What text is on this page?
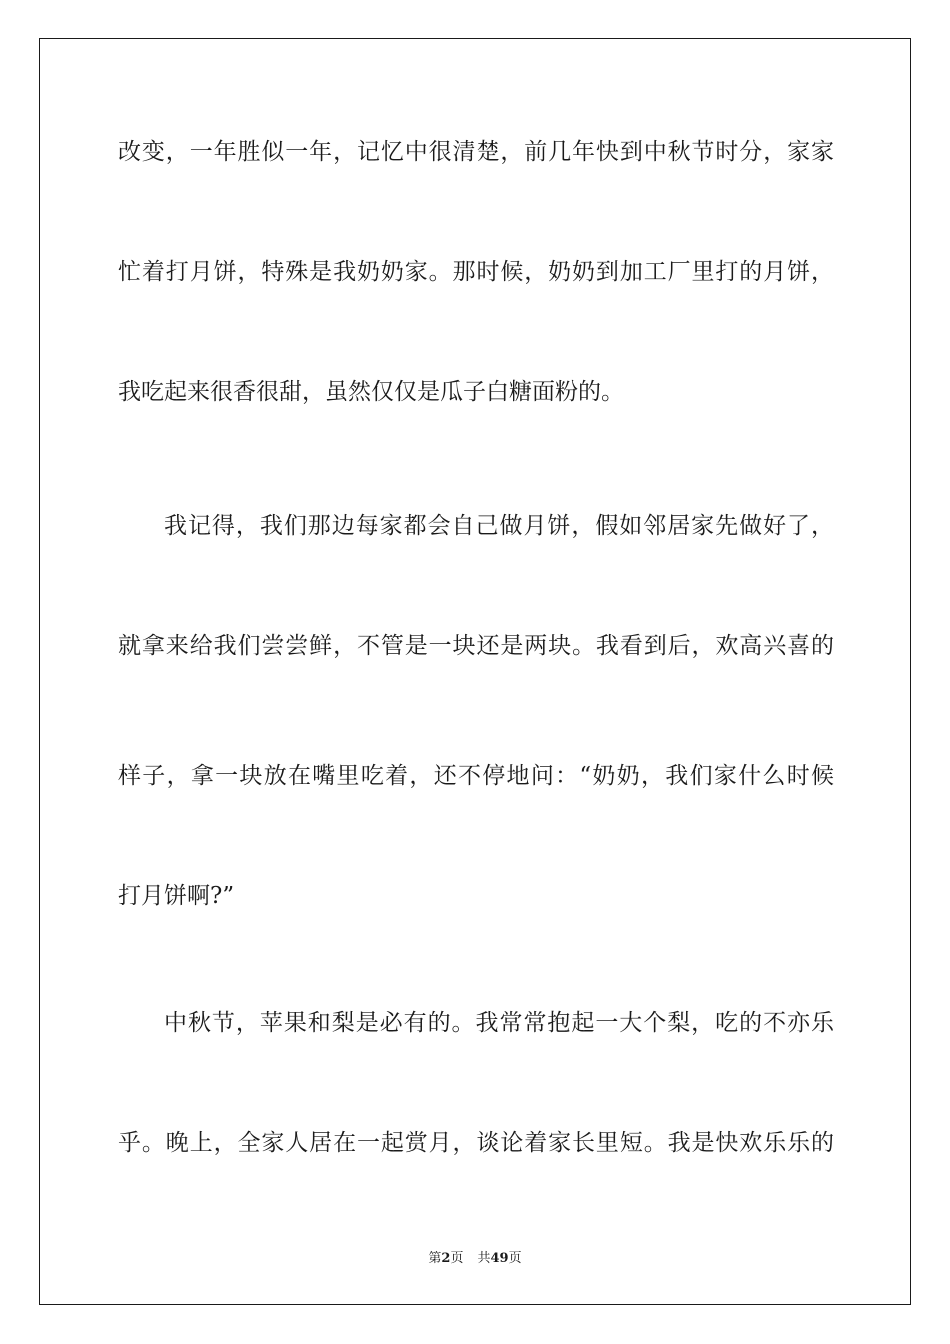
改变，一年胜似一年，记忆中很清楚，前几年快到中秋节时分，家家
忙着打月饼，特殊是我奶奶家。那时候，奶奶到加工厂里打的月饼，
我吃起来很香很甜，虽然仅仅是瓜子白糖面粉的。
我记得，我们那边每家都会自己做月饼，假如邻居家先做好了，
就拿来给我们尝尝鲜，不管是一块还是两块。我看到后，欢高兴喜的
样子，拿一块放在嘴里吃着，还不停地问：“奶奶，我们家什么时候
打月饼啊?”
中秋节，苹果和梨是必有的。我常常抱起一大个梨，吃的不亦乐
乎。晚上，全家人居在一起赏月，谈论着家长里短。我是快欢乐乐的
第2页 共49页
